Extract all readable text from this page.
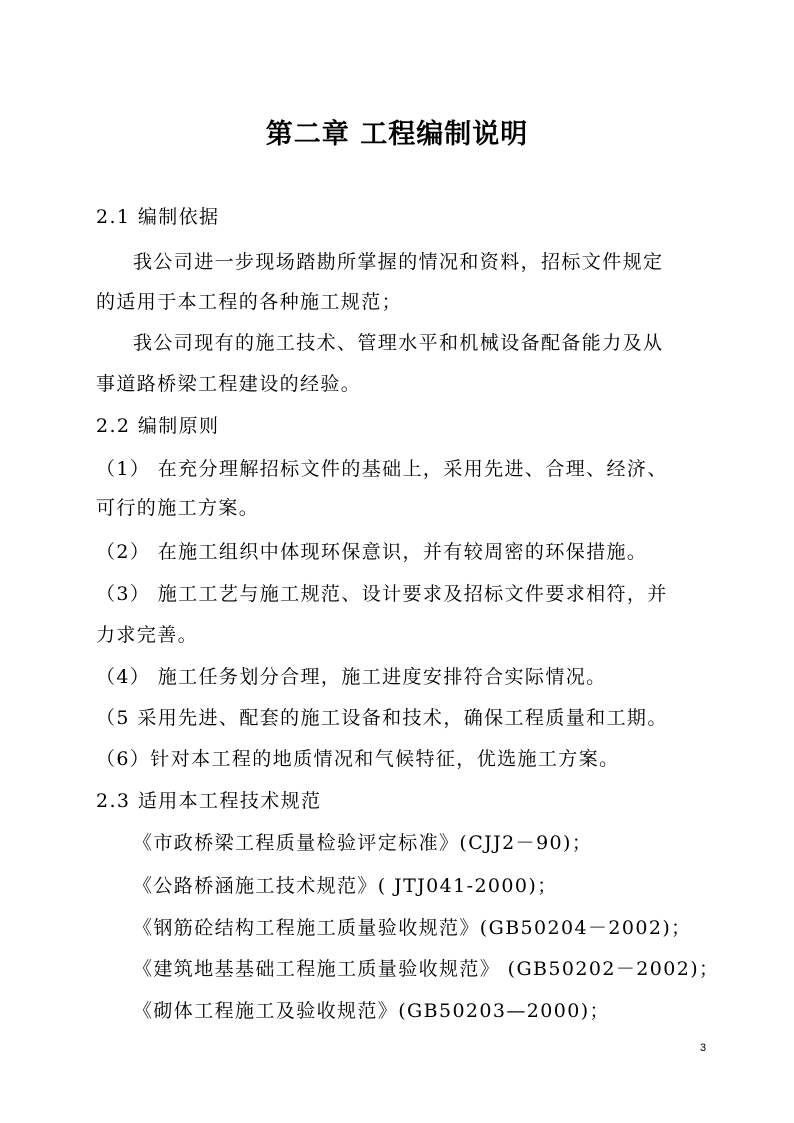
第二章 工程编制说明
2.1 编制依据
我公司进一步现场踏勘所掌握的情况和资料，招标文件规定
的适用于本工程的各种施工规范；
我公司现有的施工技术、管理水平和机械设备配备能力及从
事道路桥梁工程建设的经验。
2.2 编制原则
（1） 在充分理解招标文件的基础上，采用先进、合理、经济、
可行的施工方案。
（2） 在施工组织中体现环保意识，并有较周密的环保措施。
（3） 施工工艺与施工规范、设计要求及招标文件要求相符，并
力求完善。
（4） 施工任务划分合理，施工进度安排符合实际情况。
（5 采用先进、配套的施工设备和技术，确保工程质量和工期。
（6）针对本工程的地质情况和气候特征，优选施工方案。
2.3 适用本工程技术规范
《市政桥梁工程质量检验评定标准》(CJJ2－90)；
《公路桥涵施工技术规范》( JTJ041-2000)；
《钢筋砼结构工程施工质量验收规范》(GB50204－2002)；
《建筑地基基础工程施工质量验收规范》 (GB50202－2002)；
《砌体工程施工及验收规范》(GB50203—2000)；
3
